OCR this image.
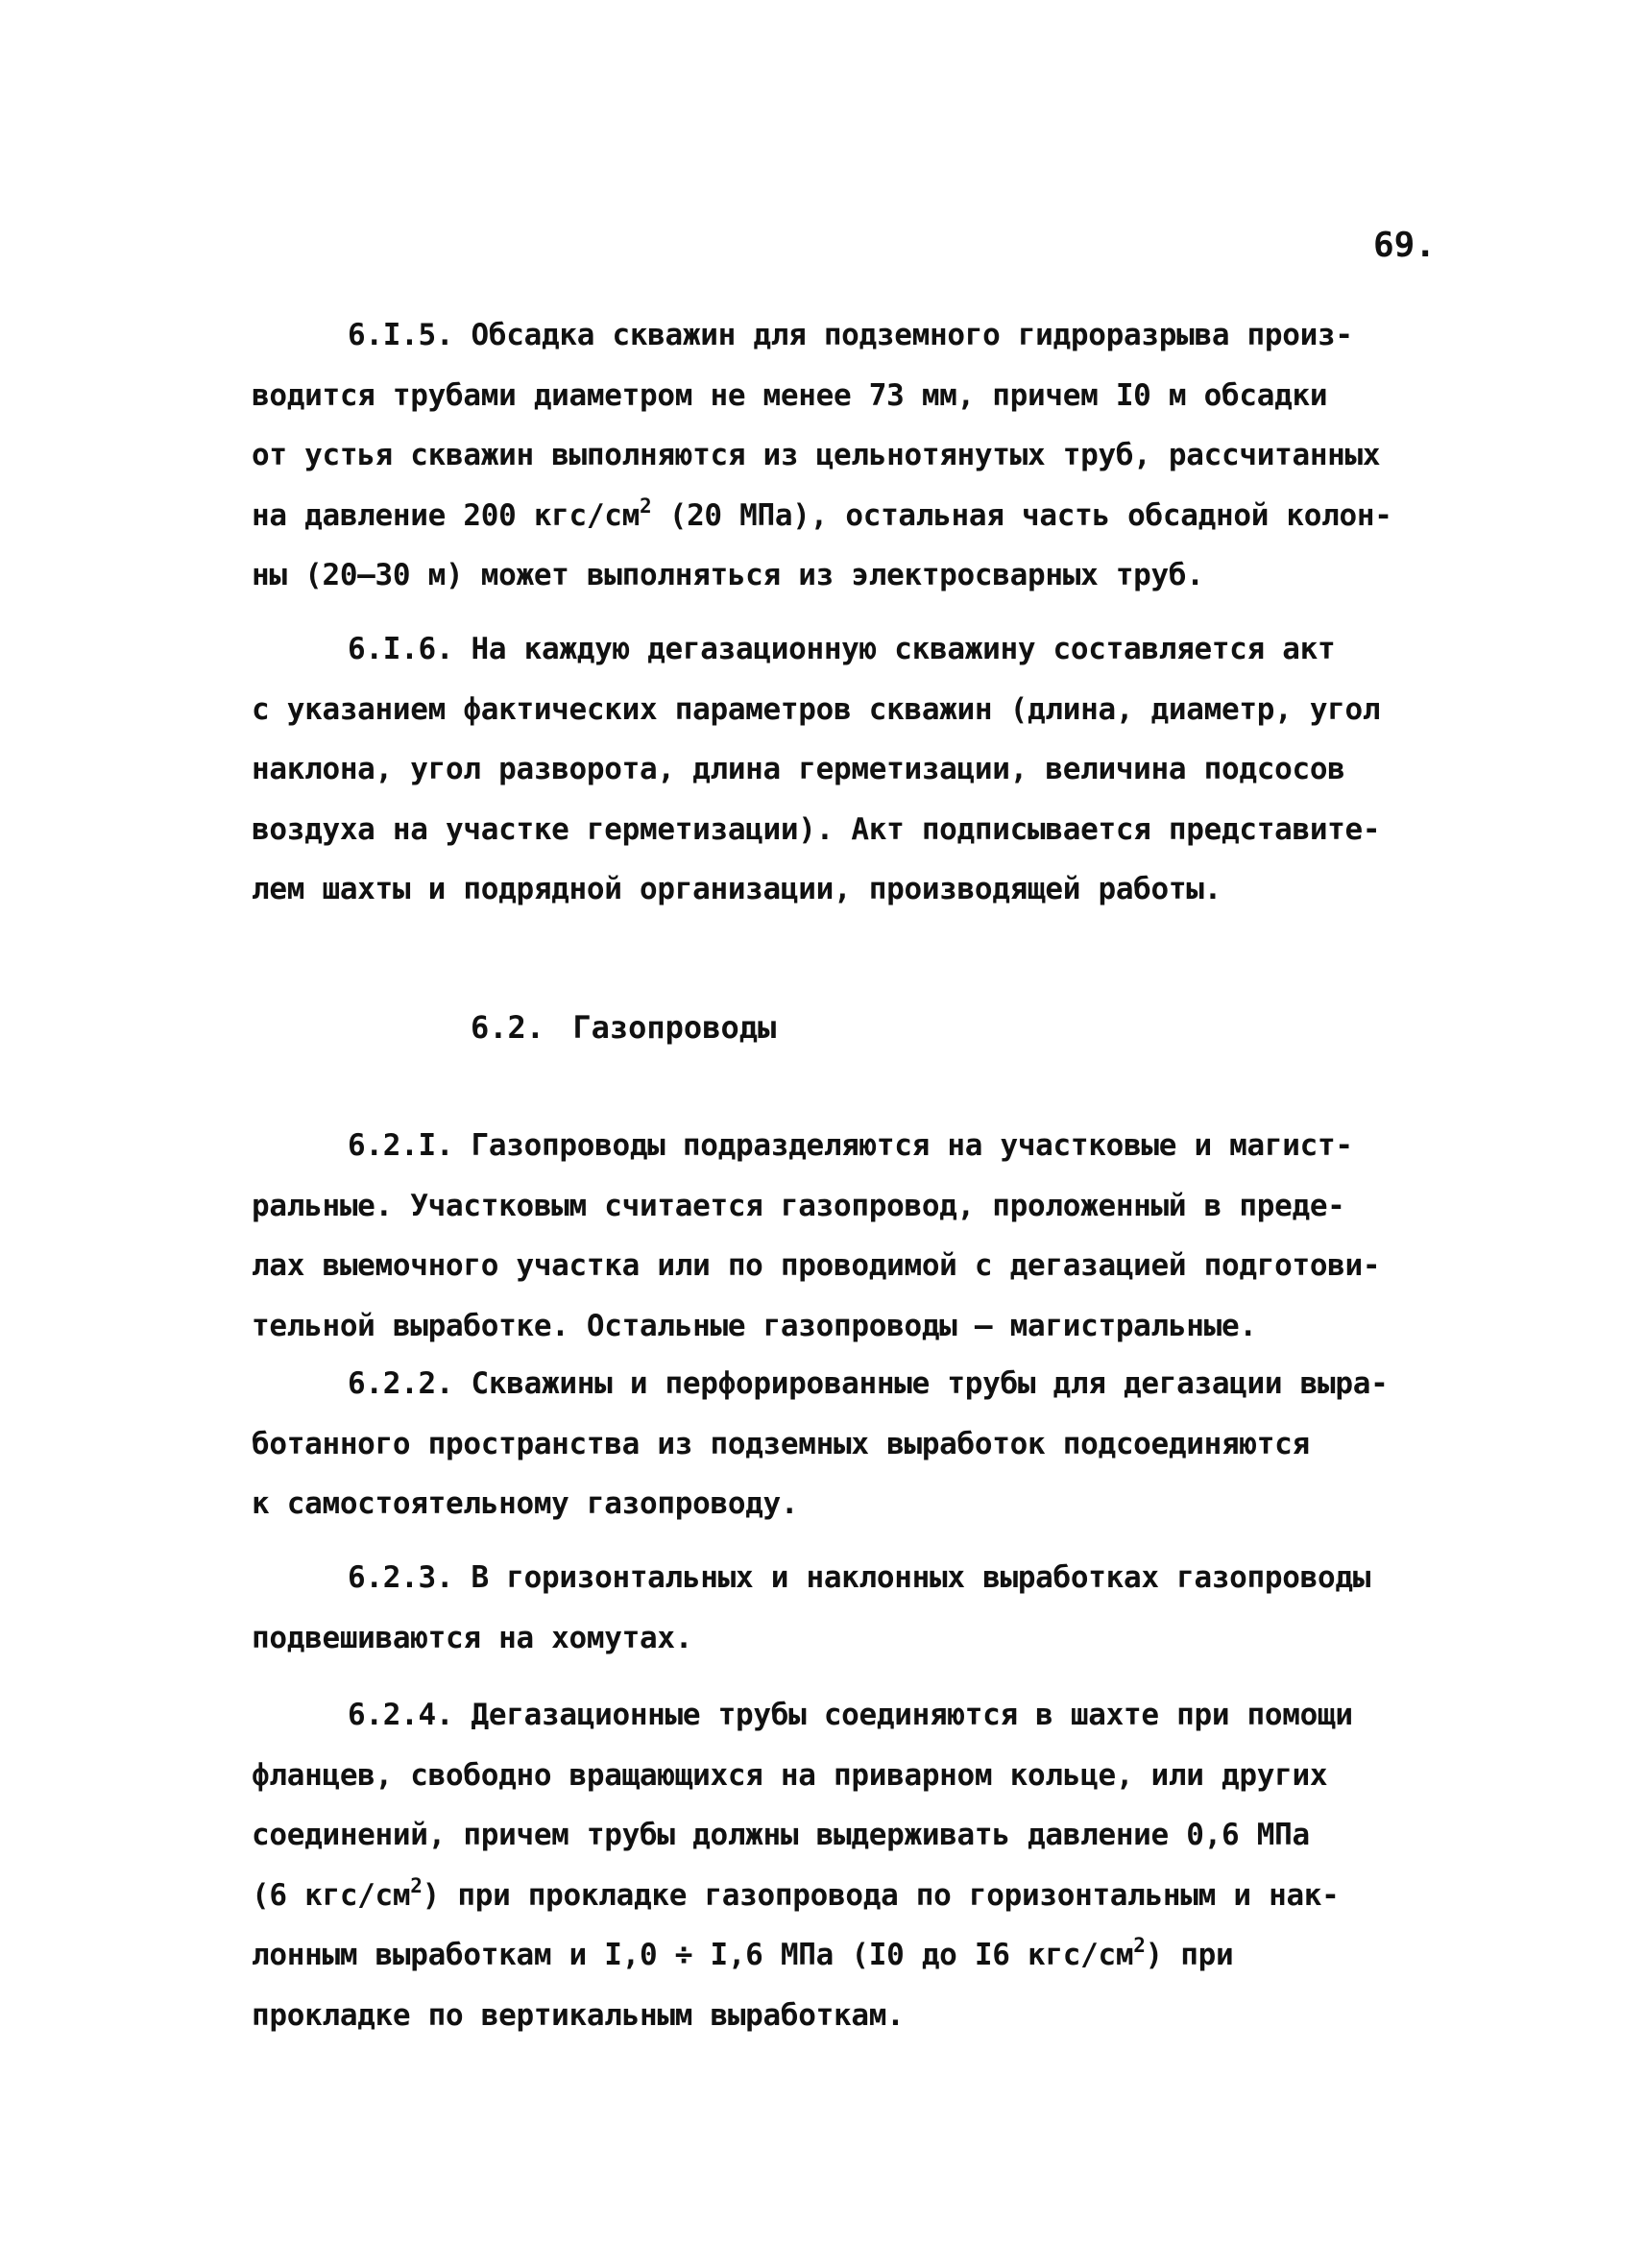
69.
6.I.5. Обсадка скважин для подземного гидроразрыва произ-
водится трубами диаметром не менее 73 мм, причем I0 м обсадки
от устья скважин выполняются из цельнотянутых труб, рассчитанных
на давление 200 кгс/$см^2$ (20 МПа), остальная часть обсадной колон-
ны (20–30 м) может выполняться из электросварных труб.
6.I.6. На каждую дегазационную скважину составляется акт
с указанием фактических параметров скважин (длина, диаметр, угол
наклона, угол разворота, длина герметизации, величина подсосов
воздуха на участке герметизации). Акт подписывается представите-
лем шахты и подрядной организации, производящей работы.
6.2. Газопроводы
6.2.I. Газопроводы подразделяются на участковые и магист-
ральные. Участковым считается газопровод, проложенный в преде-
лах выемочного участка или по проводимой с дегазацией подготови-
тельной выработке. Остальные газопроводы – магистральные.
6.2.2. Скважины и перфорированные трубы для дегазации выра-
ботанного пространства из подземных выработок подсоединяются
к самостоятельному газопроводу.
6.2.3. В горизонтальных и наклонных выработках газопроводы
подвешиваются на хомутах.
6.2.4. Дегазационные трубы соединяются в шахте при помощи
фланцев, свободно вращающихся на приварном кольце, или других
соединений, причем трубы должны выдерживать давление 0,6 МПа
(6 кгс/$см^2$) при прокладке газопровода по горизонтальным и нак-
лонным выработкам и I,0 ÷ I,6 МПа (I0 до I6 кгс/$см^2$) при
прокладке по вертикальным выработкам.
